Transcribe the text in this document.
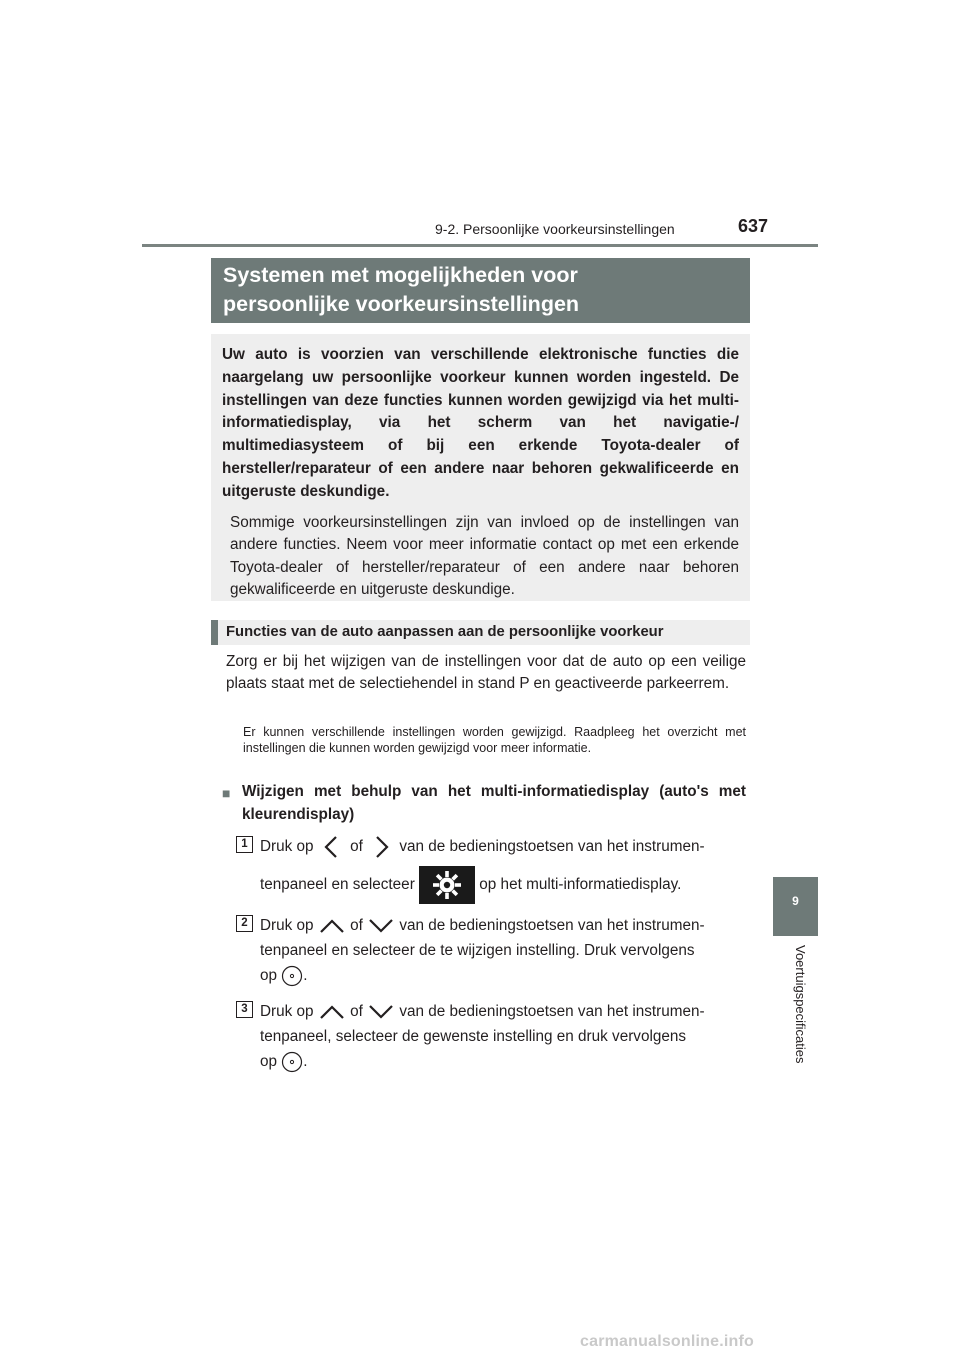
9-2. Persoonlijke voorkeursinstellingen	637
Systemen met mogelijkheden voor
persoonlijke voorkeursinstellingen

Uw auto is voorzien van verschillende elektronische functies die naargelang uw persoonlijke voorkeur kunnen worden ingesteld. De instellingen van deze functies kunnen worden gewijzigd via het multi-informatiedisplay, via het scherm van het navigatie-/ multimediasysteem of bij een erkende Toyota-dealer of hersteller/reparateur of een andere naar behoren gekwalificeerde en uitgeruste deskundige.

Sommige voorkeursinstellingen zijn van invloed op de instellingen van andere functies. Neem voor meer informatie contact op met een erkende Toyota-dealer of hersteller/reparateur of een andere naar behoren gekwalificeerde en uitgeruste deskundige.

Functies van de auto aanpassen aan de persoonlijke voorkeur

Zorg er bij het wijzigen van de instellingen voor dat de auto op een veilige plaats staat met de selectiehendel in stand P en geactiveerde parkeerrem.

Er kunnen verschillende instellingen worden gewijzigd. Raadpleeg het overzicht met instellingen die kunnen worden gewijzigd voor meer informatie.

■ Wijzigen met behulp van het multi-informatiedisplay (auto's met kleurendisplay)
1 Druk op of van de bedieningstoetsen van het instrumen-
tenpaneel en selecteer	op het multi-informatiedisplay.
2 Druk op of van de bedieningstoetsen van het instrumen-
tenpaneel en selecteer de te wijzigen instelling. Druk vervolgens
op .
3 Druk op of van de bedieningstoetsen van het instrumen-
tenpaneel, selecteer de gewenste instelling en druk vervolgens
op .
9
Voertuigspecificaties
carmanualsonline.info
